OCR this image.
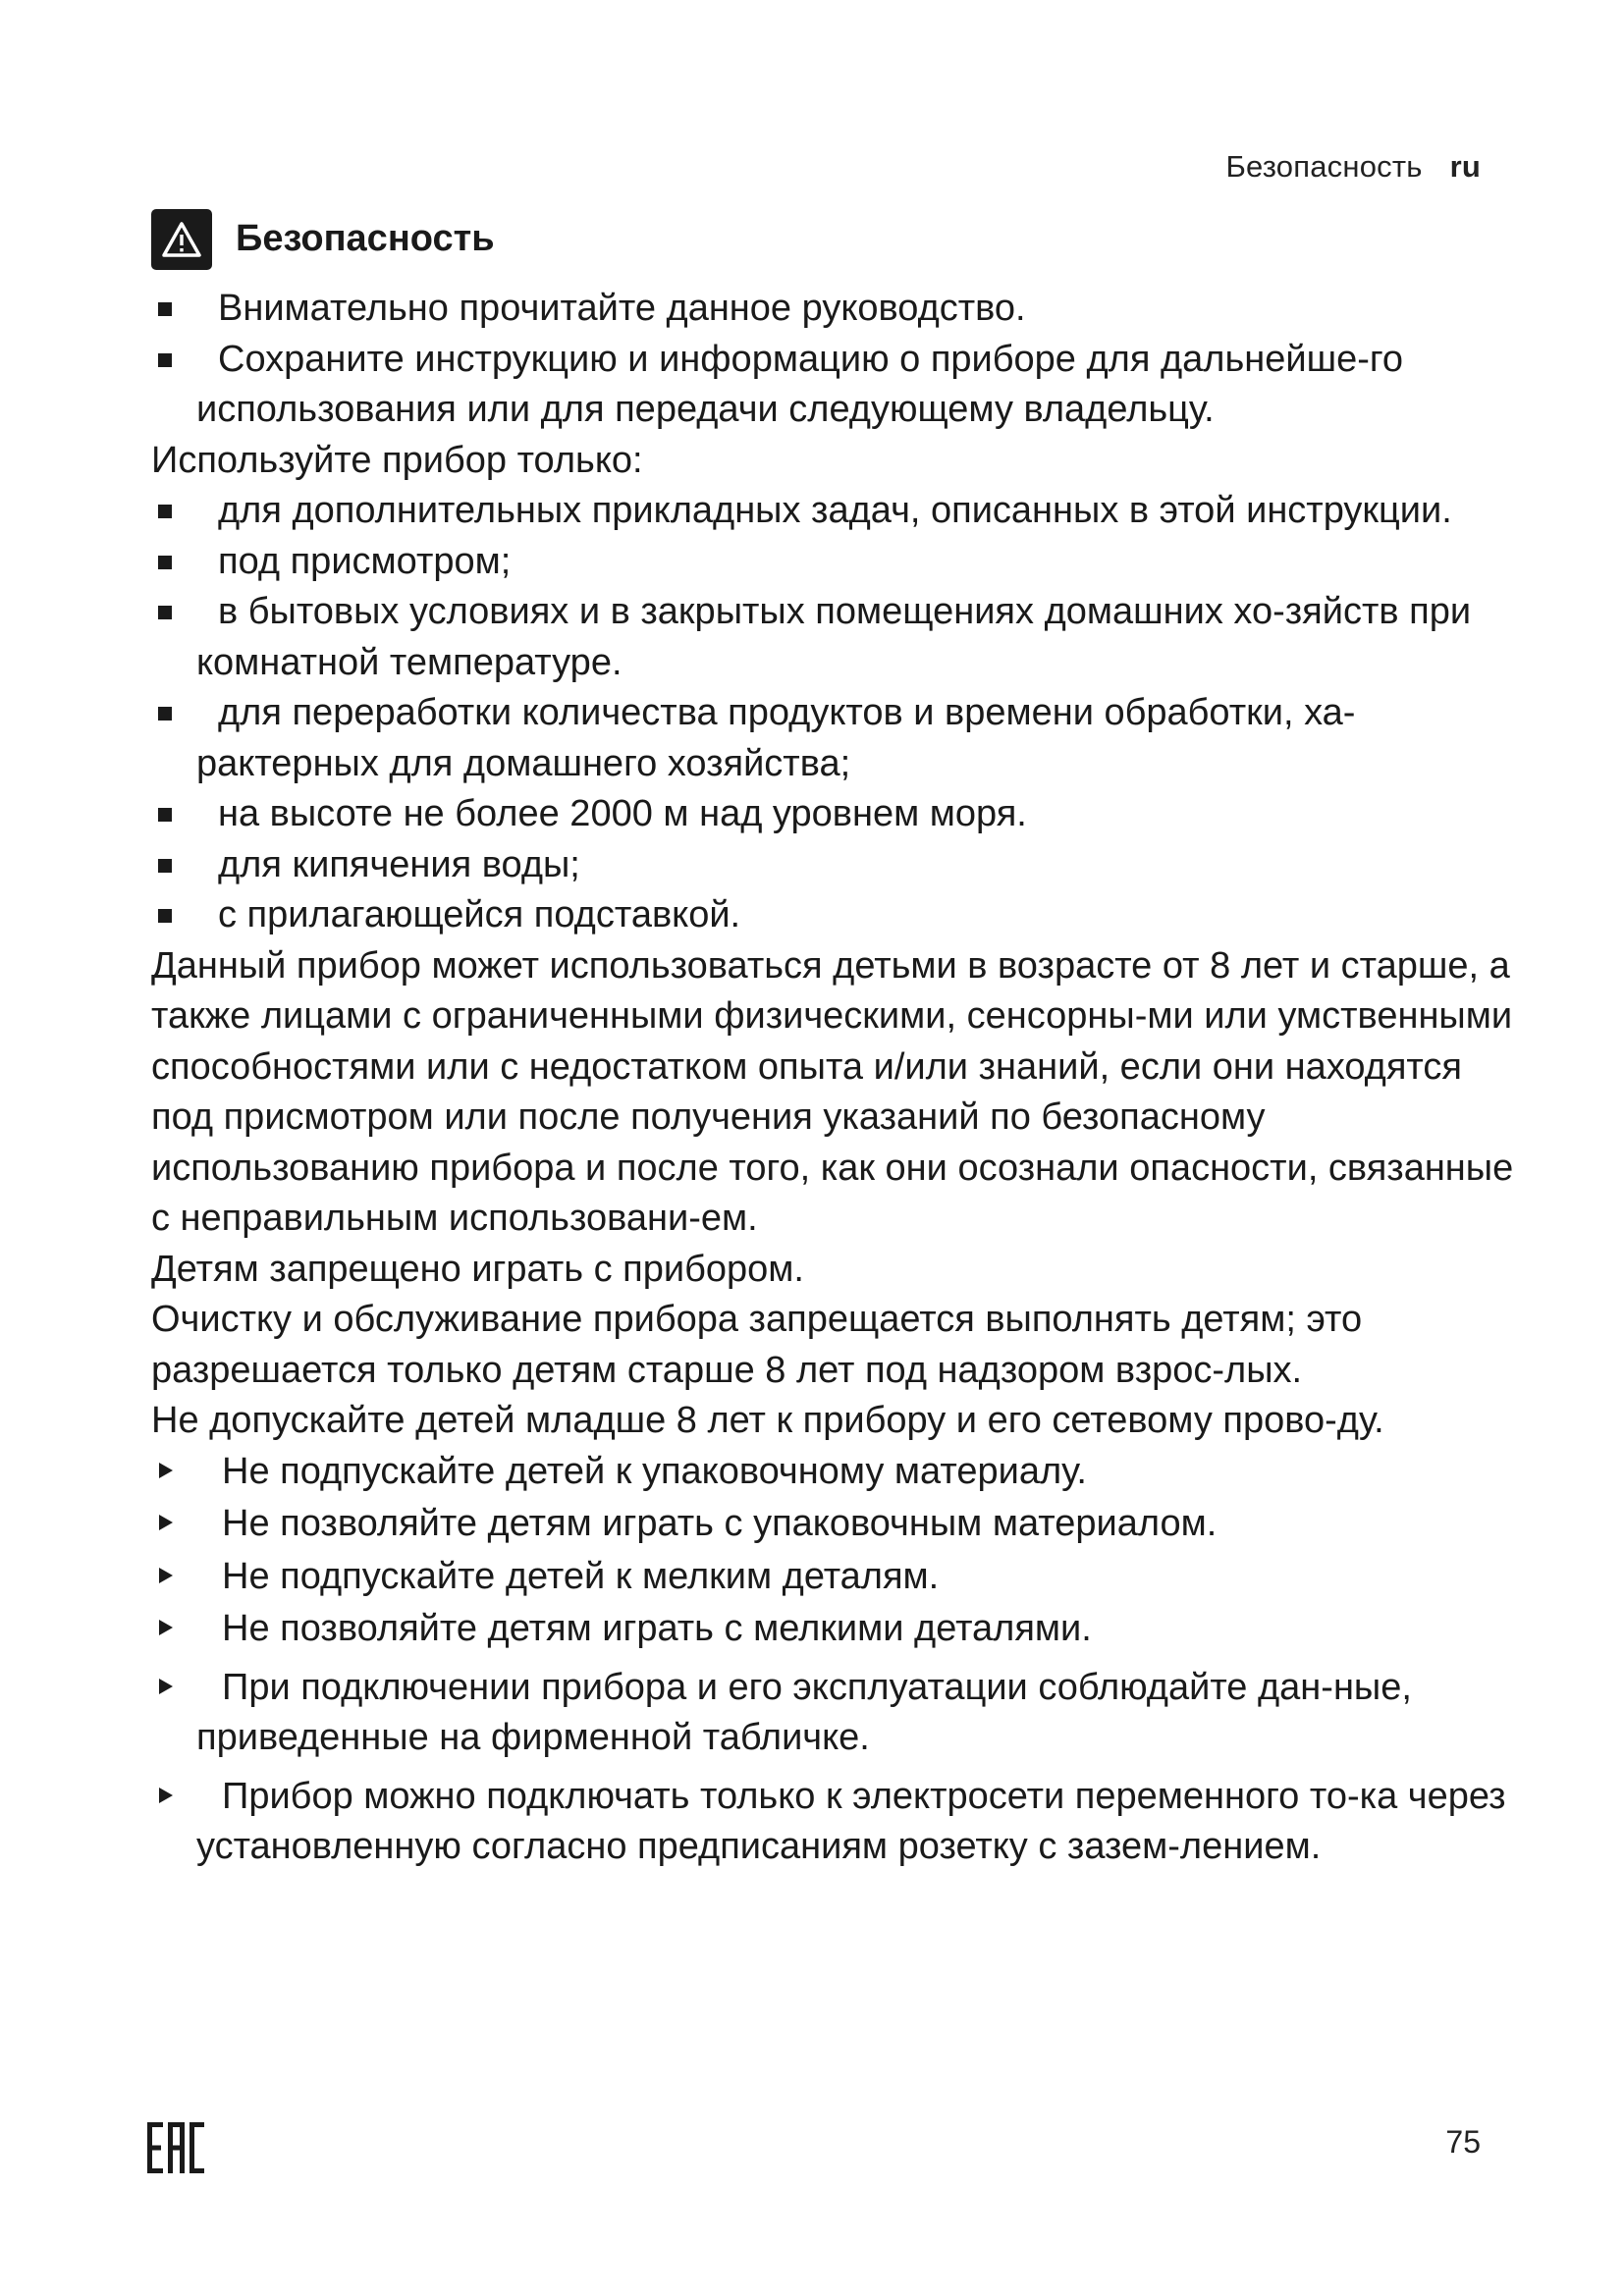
Безопасность ru
Безопасность
Внимательно прочитайте данное руководство.
Сохраните инструкцию и информацию о приборе для дальнейше-го использования или для передачи следующему владельцу.

Используйте прибор только:

для дополнительных прикладных задач, описанных в этой инструкции.
под присмотром;
в бытовых условиях и в закрытых помещениях домашних хо-зяйств при комнатной температуре.
для переработки количества продуктов и времени обработки, ха-рактерных для домашнего хозяйства;
на высоте не более 2000 м над уровнем моря.
для кипячения воды;
с прилагающейся подставкой.

Данный прибор может использоваться детьми в возрасте от 8 лет и старше, а также лицами с ограниченными физическими, сенсорны-ми или умственными способностями или с недостатком опыта и/или знаний, если они находятся под присмотром или после получения указаний по безопасному использованию прибора и после того, как они осознали опасности, связанные с неправильным использовани-ем.

Детям запрещено играть с прибором.

Очистку и обслуживание прибора запрещается выполнять детям; это разрешается только детям старше 8 лет под надзором взрос-лых.

Не допускайте детей младше 8 лет к прибору и его сетевому прово-ду.

Не подпускайте детей к упаковочному материалу.
Не позволяйте детям играть с упаковочным материалом.
Не подпускайте детей к мелким деталям.
Не позволяйте детям играть с мелкими деталями.
При подключении прибора и его эксплуатации соблюдайте дан-ные, приведенные на фирменной табличке.
Прибор можно подключать только к электросети переменного то-ка через установленную согласно предписаниям розетку с зазем-лением.
75
